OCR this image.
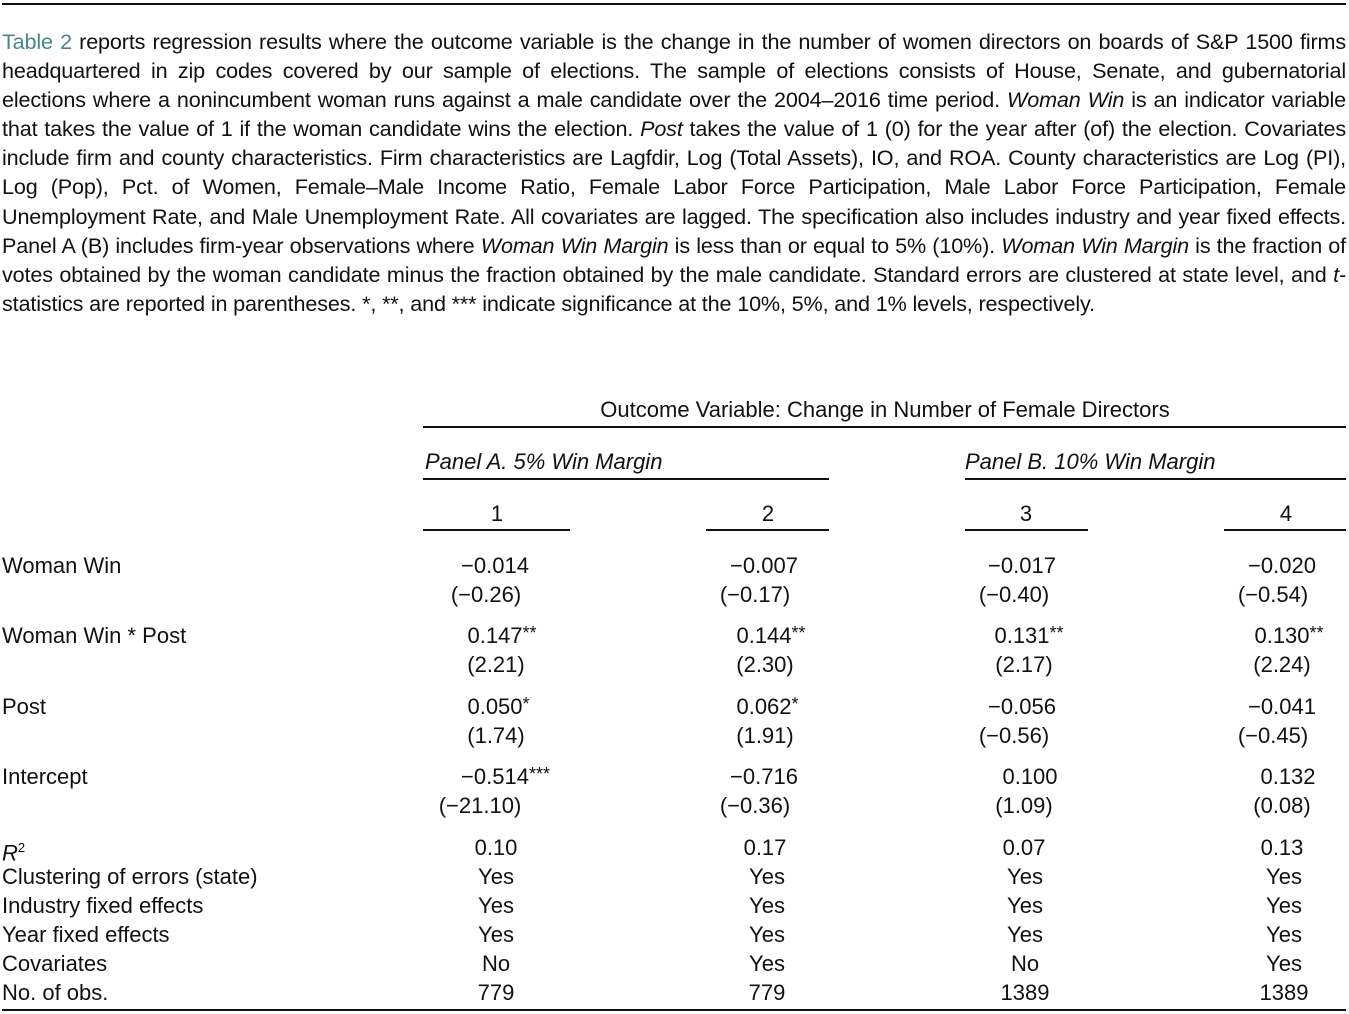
Table 2 reports regression results where the outcome variable is the change in the number of women directors on boards of S&P 1500 firms headquartered in zip codes covered by our sample of elections. The sample of elections consists of House, Senate, and gubernatorial elections where a nonincumbent woman runs against a male candidate over the 2004–2016 time period. Woman Win is an indicator variable that takes the value of 1 if the woman candidate wins the election. Post takes the value of 1 (0) for the year after (of) the election. Covariates include firm and county characteristics. Firm characteristics are Lagfdir, Log (Total Assets), IO, and ROA. County characteristics are Log (PI), Log (Pop), Pct. of Women, Female–Male Income Ratio, Female Labor Force Participation, Male Labor Force Participation, Female Unemployment Rate, and Male Unemployment Rate. All covariates are lagged. The specification also includes industry and year fixed effects. Panel A (B) includes firm-year observations where Woman Win Margin is less than or equal to 5% (10%). Woman Win Margin is the fraction of votes obtained by the woman candidate minus the fraction obtained by the male candidate. Standard errors are clustered at state level, and t-statistics are reported in parentheses. *, **, and *** indicate significance at the 10%, 5%, and 1% levels, respectively.
Outcome Variable: Change in Number of Female Directors
Panel A. 5% Win Margin	Panel B. 10% Win Margin
1	2	3	4
Woman Win	−0.014	−0.007	−0.017	−0.020
(−0.26)	(−0.17)	(−0.40)	(−0.54)
Woman Win * Post	0.147 **	0.144 **	0.131 **	0.130 **
(2.21)	(2.30)	(2.17)	(2.24)
Post	0.050 *	0.062 *	−0.056	−0.041
(1.74)	(1.91)	(−0.56)	(−0.45)
Intercept	−0.514 ***	−0.716	0.100	0.132
(−21.10)	(−0.36)	(1.09)	(0.08)
$R^2$	0.10	0.17	0.07	0.13
Clustering of errors (state)	Yes	Yes	Yes	Yes
Industry fixed effects	Yes	Yes	Yes	Yes
Year fixed effects	Yes	Yes	Yes	Yes
Covariates	No	Yes	No	Yes
No. of obs.	779	779	1389	1389
